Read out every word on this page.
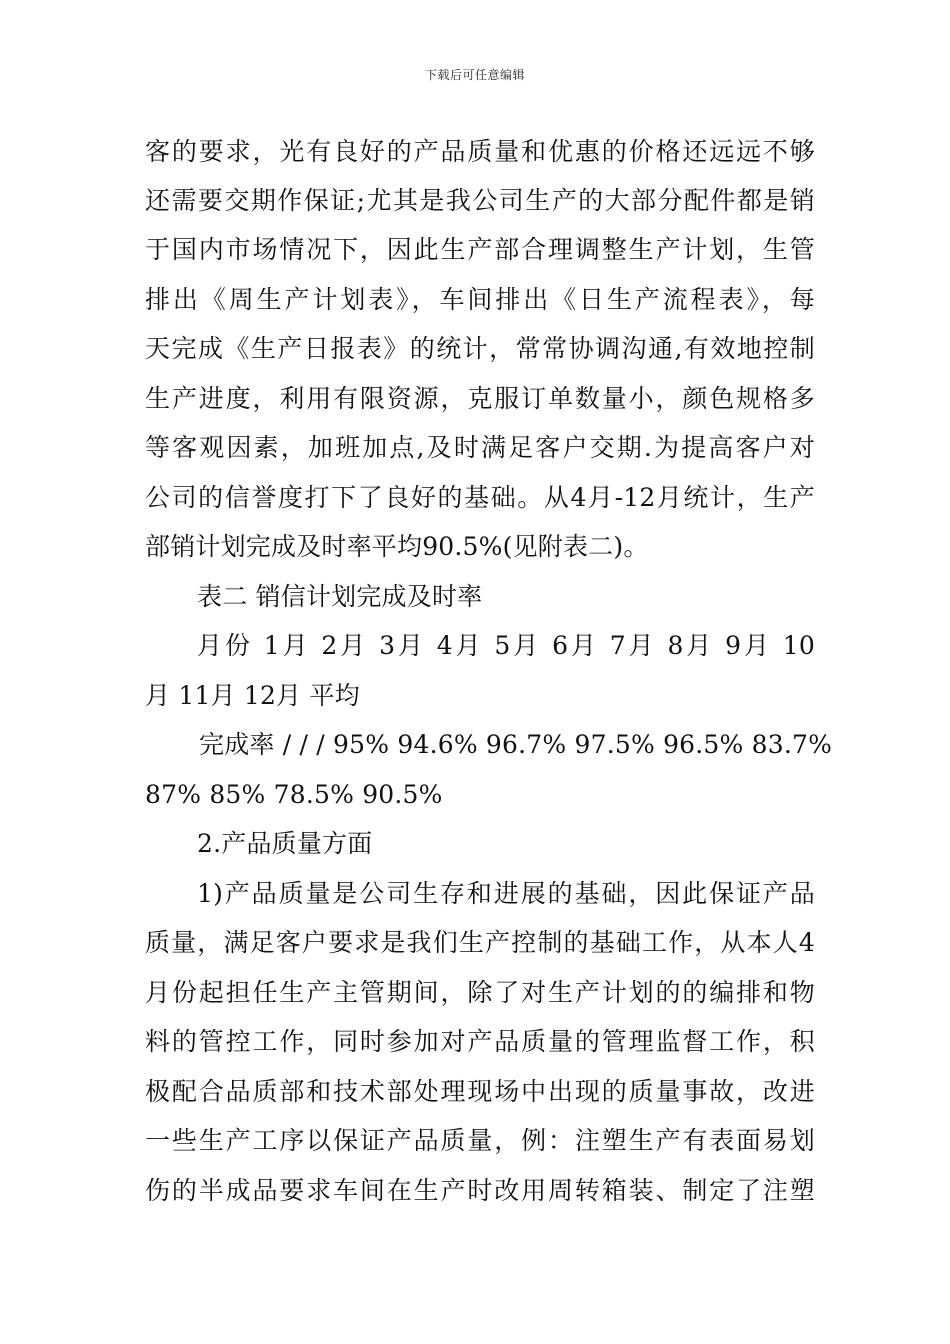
下载后可任意编辑
客的要求，光有良好的产品质量和优惠的价格还远远不够
还需要交期作保证;尤其是我公司生产的大部分配件都是销
于国内市场情况下，因此生产部合理调整生产计划，生管
排出《周生产计划表》，车间排出《日生产流程表》，每
天完成《生产日报表》的统计，常常协调沟通,有效地控制
生产进度，利用有限资源，克服订单数量小，颜色规格多
等客观因素，加班加点,及时满足客户交期.为提高客户对
公司的信誉度打下了良好的基础。从4月-12月统计，生产
部销计划完成及时率平均90.5%(见附表二)。
表二 销信计划完成及时率
月份 1月 2月 3月 4月 5月 6月 7月 8月 9月 10
月 11月 12月 平均
完成率 / / / 95% 94.6% 96.7% 97.5% 96.5% 83.7%
87% 85% 78.5% 90.5%
2.产品质量方面
1)产品质量是公司生存和进展的基础，因此保证产品
质量，满足客户要求是我们生产控制的基础工作，从本人4
月份起担任生产主管期间，除了对生产计划的的编排和物
料的管控工作，同时参加对产品质量的管理监督工作，积
极配合品质部和技术部处理现场中出现的质量事故，改进
一些生产工序以保证产品质量，例：注塑生产有表面易划
伤的半成品要求车间在生产时改用周转箱装、制定了注塑
